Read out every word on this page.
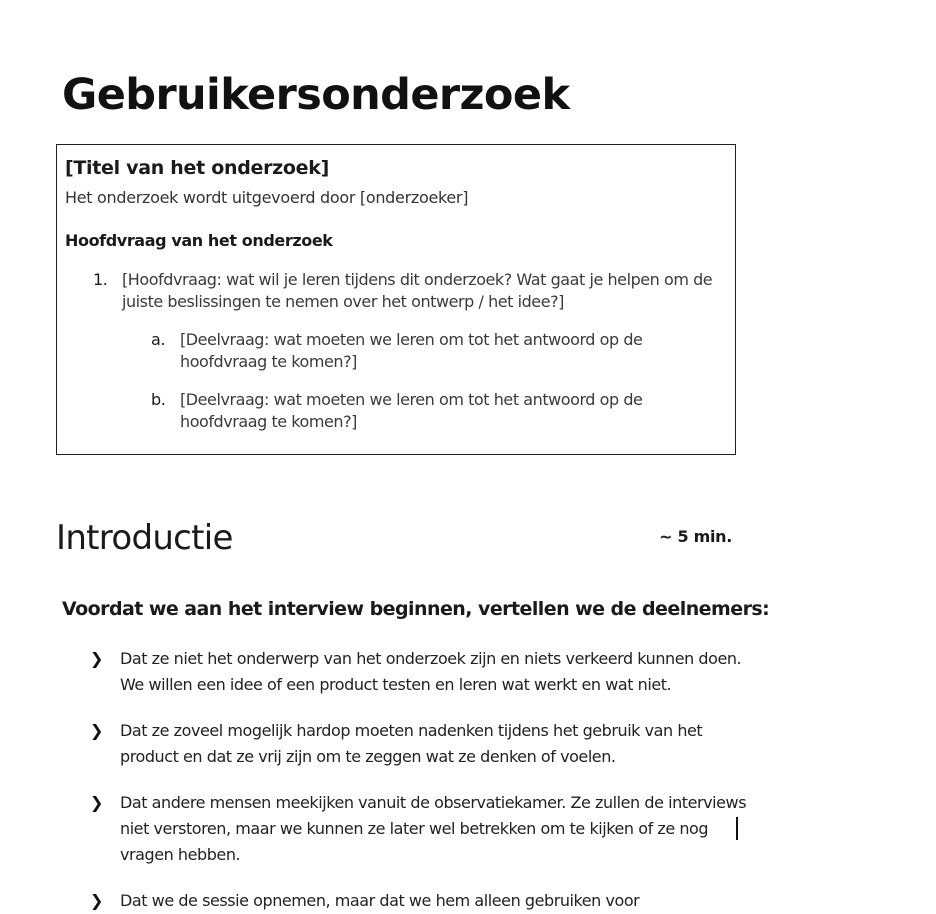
Gebruikersonderzoek
[Titel van het onderzoek]

Het onderzoek wordt uitgevoerd door [onderzoeker]

Hoofdvraag van het onderzoek
1. [Hoofdvraag: wat wil je leren tijdens dit onderzoek? Wat gaat je helpen om de juiste beslissingen te nemen over het ontwerp / het idee?]
a. [Deelvraag: wat moeten we leren om tot het antwoord op de hoofdvraag te komen?]
b. [Deelvraag: wat moeten we leren om tot het antwoord op de hoofdvraag te komen?]
Introductie	~ 5 min.
Voordat we aan het interview beginnen, vertellen we de deelnemers:
❯ Dat ze niet het onderwerp van het onderzoek zijn en niets verkeerd kunnen doen. We willen een idee of een product testen en leren wat werkt en wat niet.
❯ Dat ze zoveel mogelijk hardop moeten nadenken tijdens het gebruik van het product en dat ze vrij zijn om te zeggen wat ze denken of voelen.
❯ Dat andere mensen meekijken vanuit de observatiekamer. Ze zullen de interviews niet verstoren, maar we kunnen ze later wel betrekken om te kijken of ze nog vragen hebben.
❯ Dat we de sessie opnemen, maar dat we hem alleen gebruiken voor
